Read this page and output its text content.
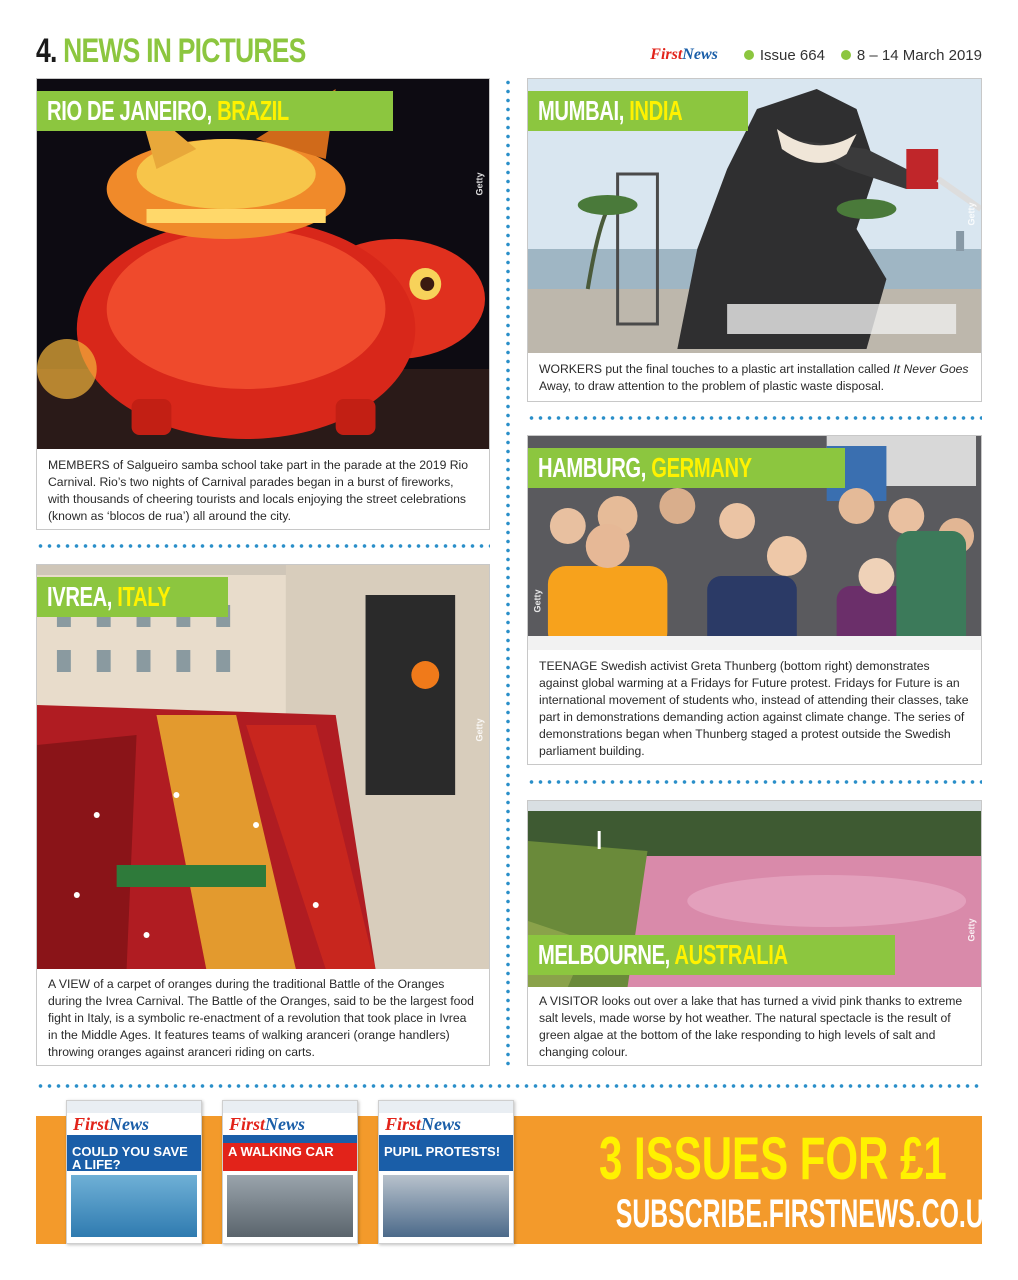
4. NEWS IN PICTURES	FirstNews	Issue 664 8 – 14 March 2019
RIO DE JANEIRO, BRAZIL
Getty

MEMBERS of Salgueiro samba school take part in the parade at the 2019 Rio Carnival. Rio’s two nights of Carnival parades began in a burst of fireworks, with thousands of cheering tourists and locals enjoying the street celebrations (known as ‘blocos de rua’) all around the city.

MUMBAI, INDIA
Getty

WORKERS put the final touches to a plastic art installation called It Never Goes Away, to draw attention to the problem of plastic waste disposal.

HAMBURG, GERMANY
Getty

TEENAGE Swedish activist Greta Thunberg (bottom right) demonstrates against global warming at a Fridays for Future protest. Fridays for Future is an international movement of students who, instead of attending their classes, take part in demonstrations demanding action against climate change. The series of demonstrations began when Thunberg staged a protest outside the Swedish parliament building.

IVREA, ITALY
Getty

A VIEW of a carpet of oranges during the traditional Battle of the Oranges during the Ivrea Carnival. The Battle of the Oranges, said to be the largest food fight in Italy, is a symbolic re-enactment of a revolution that took place in Ivrea in the Middle Ages. It features teams of walking aranceri (orange handlers) throwing oranges against aranceri riding on carts.

MELBOURNE, AUSTRALIA
Getty

A VISITOR looks out over a lake that has turned a vivid pink thanks to extreme salt levels, made worse by hot weather. The natural spectacle is the result of green algae at the bottom of the lake responding to high levels of salt and changing colour.

First News
COULD YOU SAVE A LIFE?
First News
A WALKING CAR
First News
PUPIL PROTESTS! 3 ISSUES FOR £1
SUBSCRIBE.FIRSTNEWS.CO.UK
